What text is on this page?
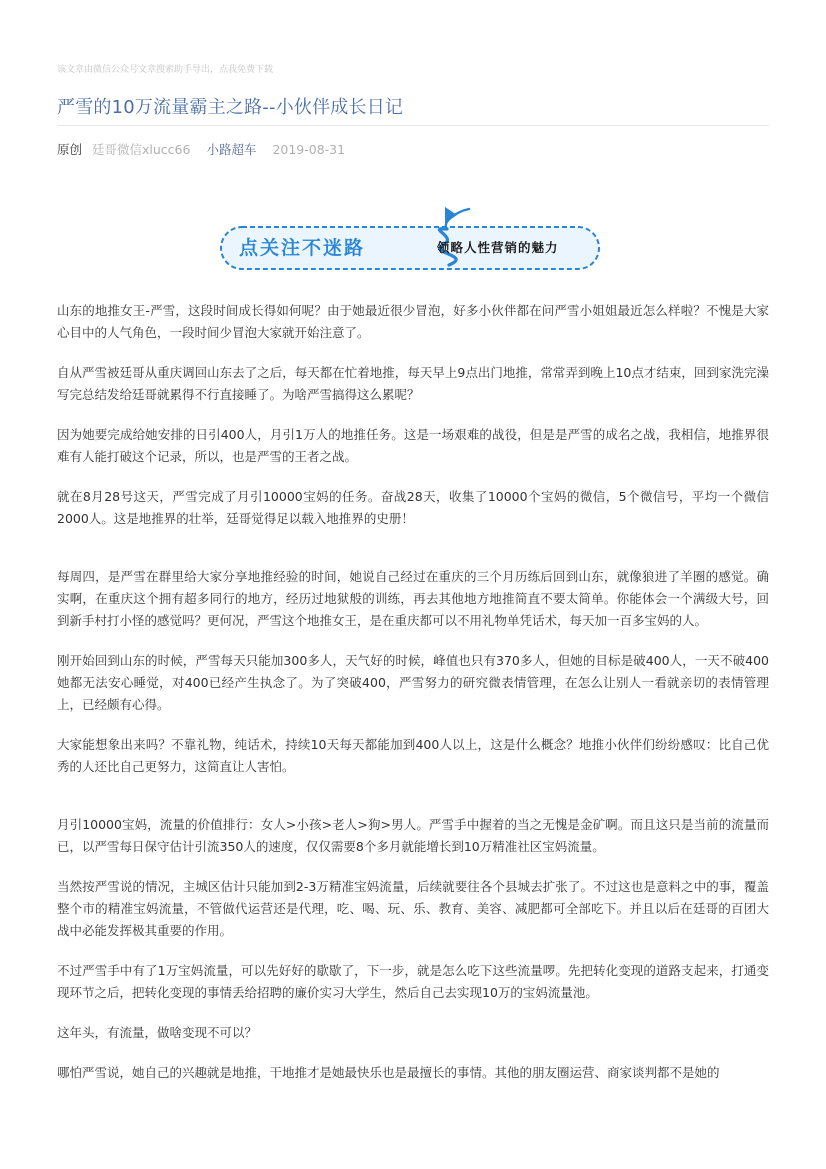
该文章由微信公众号文章搜索助手导出，点我免费下载
严雪的10万流量霸主之路--小伙伴成长日记
原创 廷哥微信xlucc66 小路超车 2019-08-31
点关注不迷路	领略人性营销的魅力

山东的地推女王-严雪，这段时间成长得如何呢？由于她最近很少冒泡，好多小伙伴都在问严雪小姐姐最近怎么样啦？不愧是大家心目中的人气角色，一段时间少冒泡大家就开始注意了。

自从严雪被廷哥从重庆调回山东去了之后，每天都在忙着地推，每天早上9点出门地推，常常弄到晚上10点才结束，回到家洗完澡写完总结发给廷哥就累得不行直接睡了。为啥严雪搞得这么累呢？

因为她要完成给她安排的日引400人，月引1万人的地推任务。这是一场艰难的战役，但是是严雪的成名之战，我相信，地推界很难有人能打破这个记录，所以，也是严雪的王者之战。

就在8月28号这天，严雪完成了月引10000宝妈的任务。奋战28天，收集了10000个宝妈的微信，5个微信号，平均一个微信2000人。这是地推界的壮举，廷哥觉得足以载入地推界的史册！

每周四，是严雪在群里给大家分享地推经验的时间，她说自己经过在重庆的三个月历练后回到山东，就像狼进了羊圈的感觉。确实啊，在重庆这个拥有超多同行的地方，经历过地狱般的训练，再去其他地方地推简直不要太简单。你能体会一个满级大号，回到新手村打小怪的感觉吗？更何况，严雪这个地推女王，是在重庆都可以不用礼物单凭话术，每天加一百多宝妈的人。

刚开始回到山东的时候，严雪每天只能加300多人，天气好的时候，峰值也只有370多人，但她的目标是破400人，一天不破400她都无法安心睡觉，对400已经产生执念了。为了突破400，严雪努力的研究微表情管理，在怎么让别人一看就亲切的表情管理上，已经颇有心得。

大家能想象出来吗？不靠礼物，纯话术，持续10天每天都能加到400人以上，这是什么概念？地推小伙伴们纷纷感叹：比自己优秀的人还比自己更努力，这简直让人害怕。

月引10000宝妈，流量的价值排行：女人>小孩>老人>狗>男人。严雪手中握着的当之无愧是金矿啊。而且这只是当前的流量而已，以严雪每日保守估计引流350人的速度，仅仅需要8个多月就能增长到10万精准社区宝妈流量。

当然按严雪说的情况，主城区估计只能加到2-3万精准宝妈流量，后续就要往各个县城去扩张了。不过这也是意料之中的事，覆盖整个市的精准宝妈流量，不管做代运营还是代理，吃、喝、玩、乐、教育、美容、减肥都可全部吃下。并且以后在廷哥的百团大战中必能发挥极其重要的作用。

不过严雪手中有了1万宝妈流量，可以先好好的歇歇了，下一步，就是怎么吃下这些流量啰。先把转化变现的道路支起来，打通变现环节之后，把转化变现的事情丢给招聘的廉价实习大学生，然后自己去实现10万的宝妈流量池。

这年头，有流量，做啥变现不可以？

哪怕严雪说，她自己的兴趣就是地推，干地推才是她最快乐也是最擅长的事情。其他的朋友圈运营、商家谈判都不是她的
